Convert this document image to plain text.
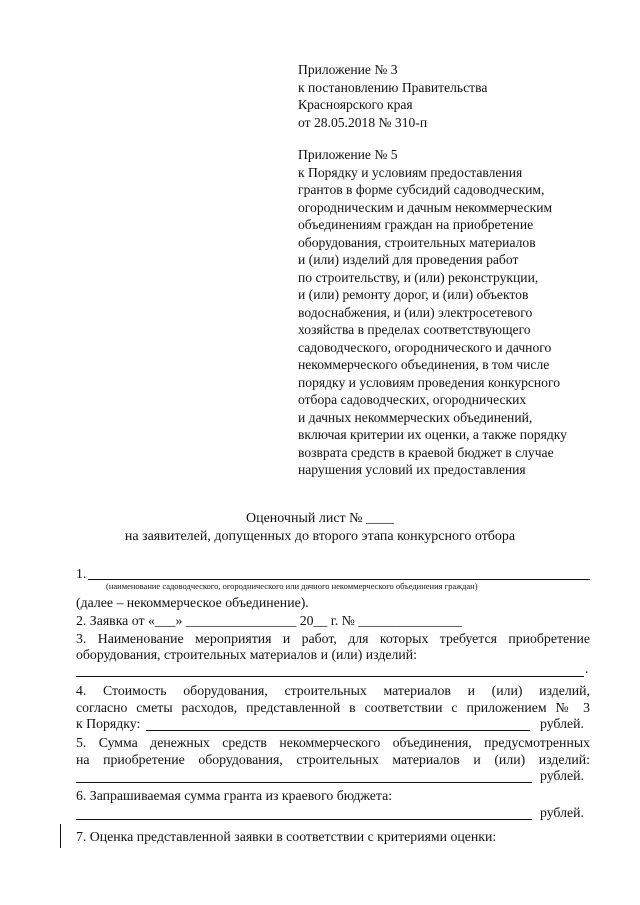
Приложение № 3
к постановлению Правительства
Красноярского края
от 28.05.2018 № 310-п
Приложение № 5
к Порядку и условиям предоставления
грантов в форме субсидий садоводческим,
огородническим и дачным некоммерческим
объединениям граждан на приобретение
оборудования, строительных материалов
и (или) изделий для проведения работ
по строительству, и (или) реконструкции,
и (или) ремонту дорог, и (или) объектов
водоснабжения, и (или) электросетевого
хозяйства в пределах соответствующего
садоводческого, огороднического и дачного
некоммерческого объединения, в том числе
порядку и условиям проведения конкурсного
отбора садоводческих, огороднических
и дачных некоммерческих объединений,
включая критерии их оценки, а также порядку
возврата средств в краевой бюджет в случае
нарушения условий их предоставления
Оценочный лист № ____
на заявителей, допущенных до второго этапа конкурсного отбора
1.
(наименование садоводческого, огороднического или дачного некоммерческого объединения граждан)
(далее – некоммерческое объединение).
2. Заявка от «___» ________________ 20__ г. № _______________
3. Наименование мероприятия и работ, для которых требуется приобретение
оборудования, строительных материалов и (или) изделий:
.
4. Стоимость оборудования, строительных материалов и (или) изделий,
согласно сметы расходов, представленной в соответствии с приложением № 3
к Порядку:	рублей.
5. Сумма денежных средств некоммерческого объединения, предусмотренных
на приобретение оборудования, строительных материалов и (или) изделий:
рублей.
6. Запрашиваемая сумма гранта из краевого бюджета:
рублей.
7. Оценка представленной заявки в соответствии с критериями оценки:
